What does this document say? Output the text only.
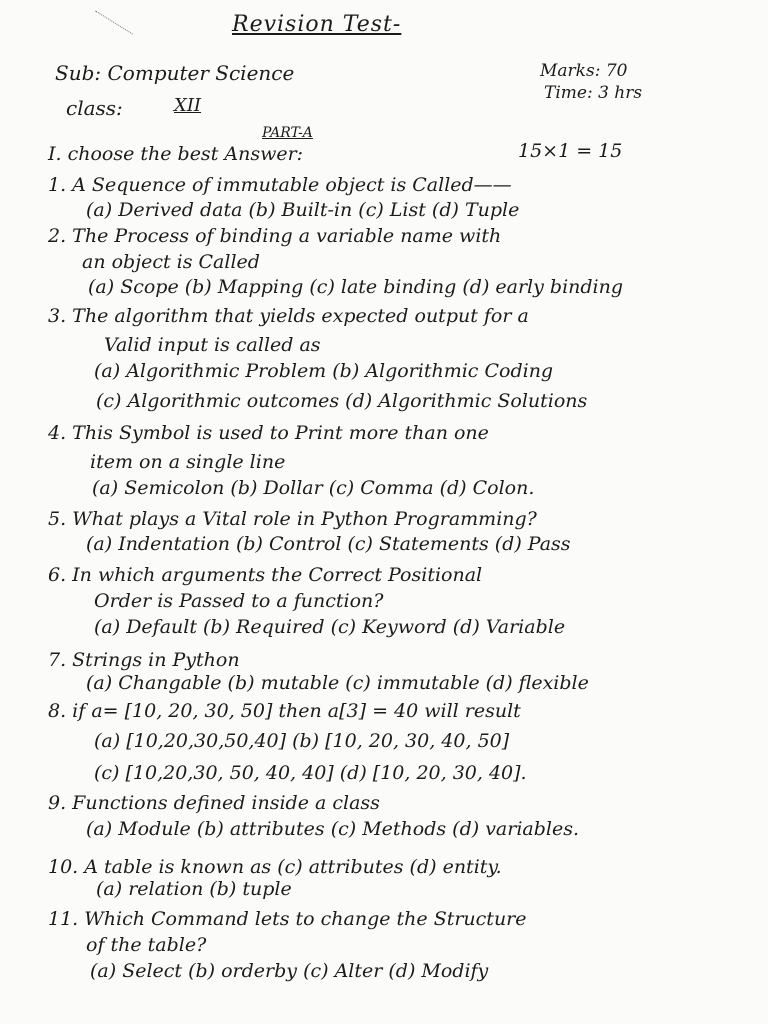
Revision Test-
Sub: Computer Science
class:	XII
Marks: 70
Time: 3 hrs
PART-A
I. choose the best Answer:	15×1 = 15
1. A Sequence of immutable object is Called——
(a) Derived data (b) Built-in (c) List (d) Tuple
2. The Process of binding a variable name with
an object is Called
(a) Scope (b) Mapping (c) late binding (d) early binding
3. The algorithm that yields expected output for a
Valid input is called as
(a) Algorithmic Problem (b) Algorithmic Coding
(c) Algorithmic outcomes (d) Algorithmic Solutions
4. This Symbol is used to Print more than one
item on a single line
(a) Semicolon (b) Dollar (c) Comma (d) Colon.
5. What plays a Vital role in Python Programming?
(a) Indentation (b) Control (c) Statements (d) Pass
6. In which arguments the Correct Positional
Order is Passed to a function?
(a) Default (b) Required (c) Keyword (d) Variable
7. Strings in Python
(a) Changable (b) mutable (c) immutable (d) flexible
8. if a= [10, 20, 30, 50] then a[3] = 40 will result
(a) [10,20,30,50,40] (b) [10, 20, 30, 40, 50]
(c) [10,20,30, 50, 40, 40] (d) [10, 20, 30, 40].
9. Functions defined inside a class
(a) Module (b) attributes (c) Methods (d) variables.
10. A table is known as (c) attributes (d) entity.
(a) relation (b) tuple
11. Which Command lets to change the Structure
of the table?
(a) Select (b) orderby (c) Alter (d) Modify
